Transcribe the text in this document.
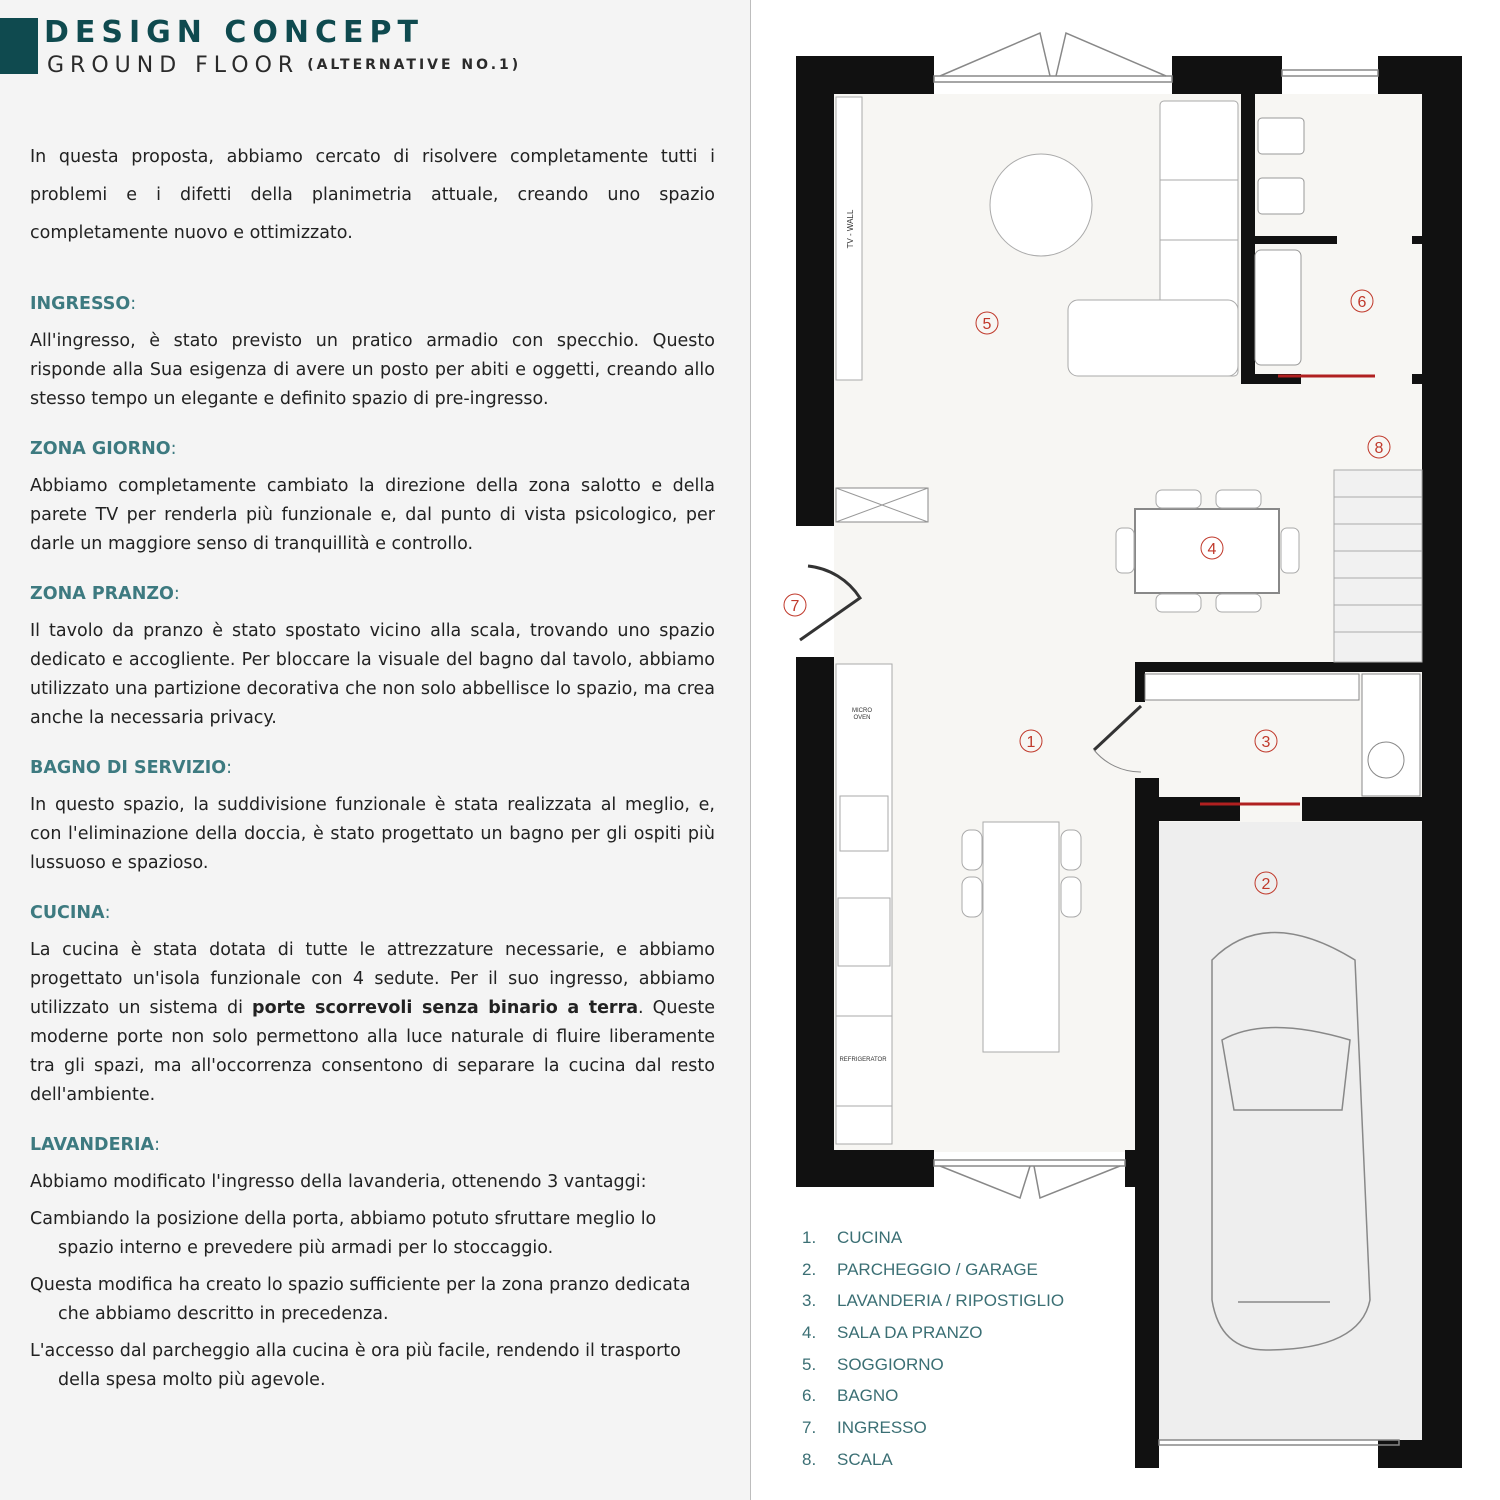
DESIGN CONCEPT
GROUND FLOOR (ALTERNATIVE NO.1)

In questa proposta, abbiamo cercato di risolvere completamente tutti i problemi e i difetti della planimetria attuale, creando uno spazio completamente nuovo e ottimizzato.

INGRESSO:

All'ingresso, è stato previsto un pratico armadio con specchio. Questo risponde alla Sua esigenza di avere un posto per abiti e oggetti, creando allo stesso tempo un elegante e definito spazio di pre-ingresso.

ZONA GIORNO:

Abbiamo completamente cambiato la direzione della zona salotto e della parete TV per renderla più funzionale e, dal punto di vista psicologico, per darle un maggiore senso di tranquillità e controllo.

ZONA PRANZO:

Il tavolo da pranzo è stato spostato vicino alla scala, trovando uno spazio dedicato e accogliente. Per bloccare la visuale del bagno dal tavolo, abbiamo utilizzato una partizione decorativa che non solo abbellisce lo spazio, ma crea anche la necessaria privacy.

BAGNO DI SERVIZIO:

In questo spazio, la suddivisione funzionale è stata realizzata al meglio, e, con l'eliminazione della doccia, è stato progettato un bagno per gli ospiti più lussuoso e spazioso.

CUCINA:

La cucina è stata dotata di tutte le attrezzature necessarie, e abbiamo progettato un'isola funzionale con 4 sedute. Per il suo ingresso, abbiamo utilizzato un sistema di porte scorrevoli senza binario a terra. Queste moderne porte non solo permettono alla luce naturale di fluire liberamente tra gli spazi, ma all'occorrenza consentono di separare la cucina dal resto dell'ambiente.

LAVANDERIA:

Abbiamo modificato l'ingresso della lavanderia, ottenendo 3 vantaggi:

Cambiando la posizione della porta, abbiamo potuto sfruttare meglio lo spazio interno e prevedere più armadi per lo stoccaggio.

Questa modifica ha creato lo spazio sufficiente per la zona pranzo dedicata che abbiamo descritto in precedenza.

L'accesso dal parcheggio alla cucina è ora più facile, rendendo il trasporto della spesa molto più agevole.

TV - WALL
MICRO
OVEN
REFRIGERATOR
1
2
3
4
5
6
7
8
1. CUCINA
2. PARCHEGGIO / GARAGE
3. LAVANDERIA / RIPOSTIGLIO
4. SALA DA PRANZO
5. SOGGIORNO
6. BAGNO
7. INGRESSO
8. SCALA
